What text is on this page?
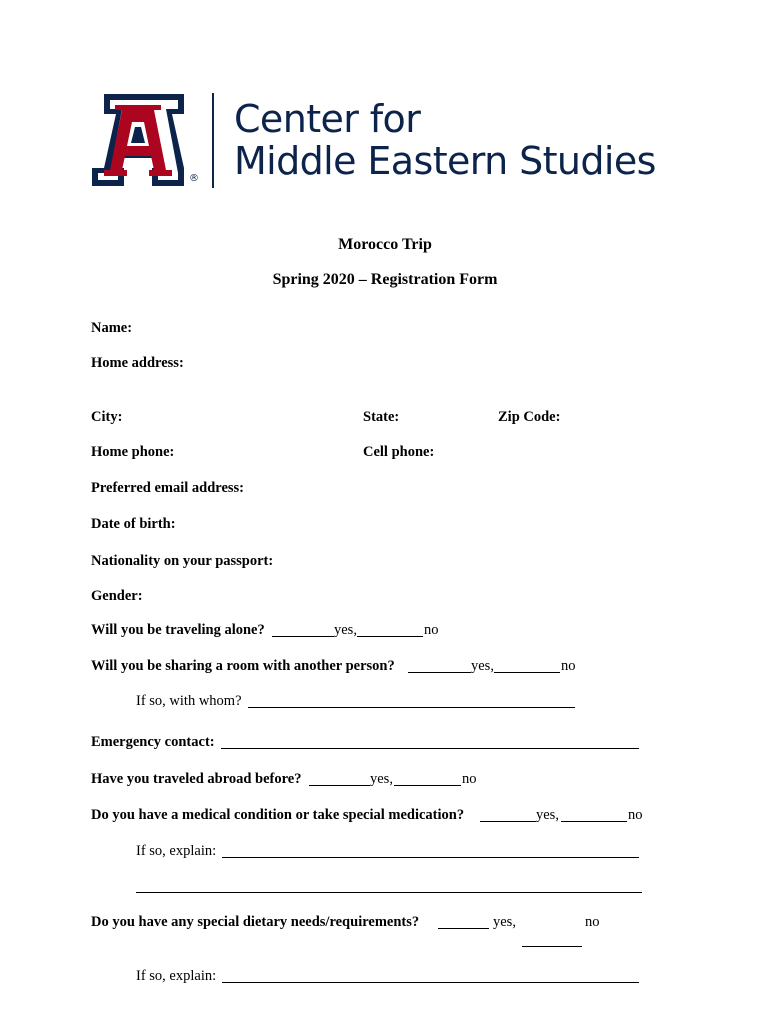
®
Center for
Middle Eastern Studies
Morocco Trip
Spring 2020 – Registration Form
Name:
Home address:
City:	State:	Zip Code:
Home phone:	Cell phone:
Preferred email address:
Date of birth:
Nationality on your passport:
Gender:
Will you be traveling alone?	yes,	no
Will you be sharing a room with another person?	yes,	no
If so, with whom?
Emergency contact:
Have you traveled abroad before?	yes,	no
Do you have a medical condition or take special medication?	yes,	no
If so, explain:
Do you have any special dietary needs/requirements?	yes,	no
If so, explain:
